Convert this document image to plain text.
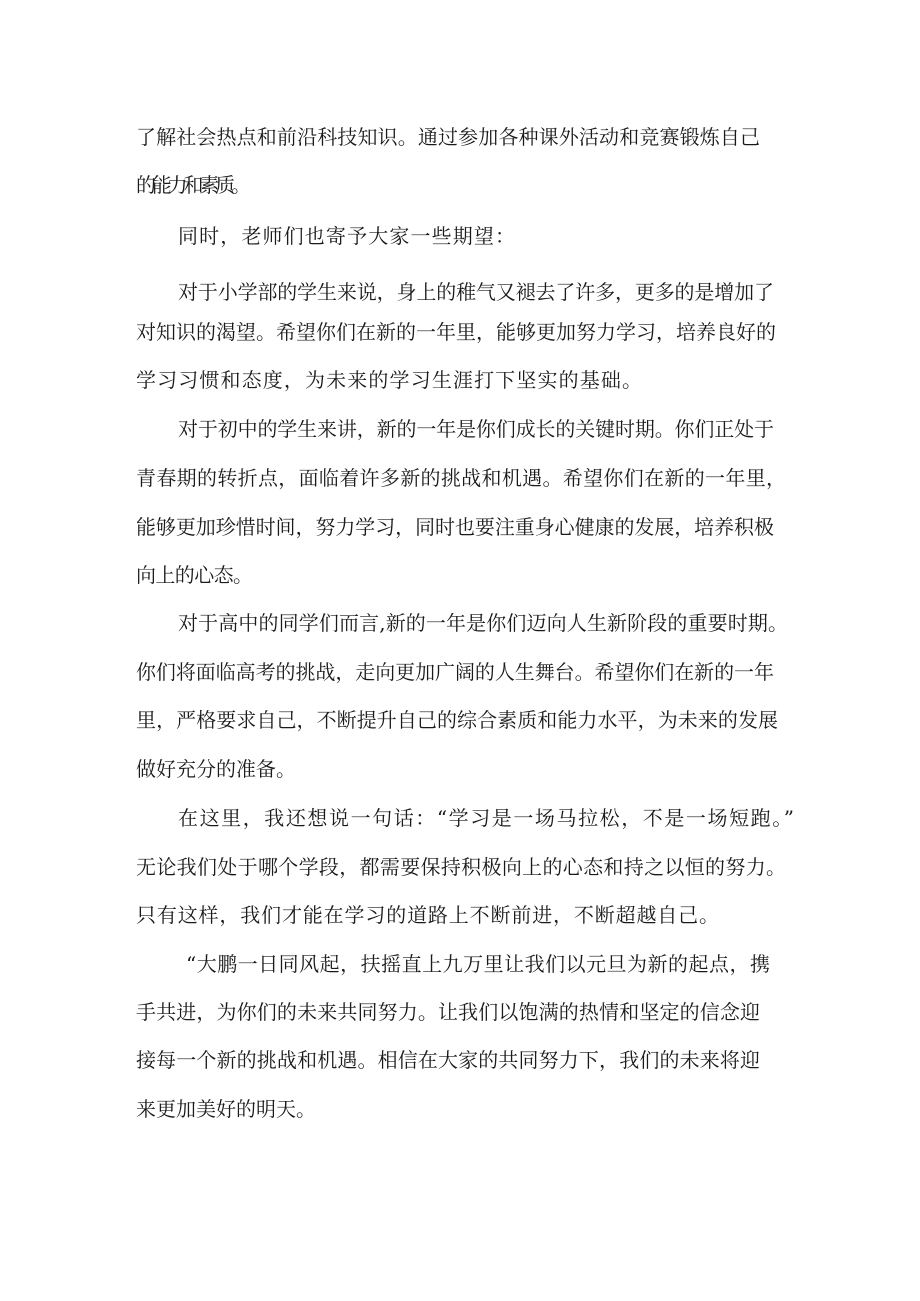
了解社会热点和前沿科技知识。通过参加各种课外活动和竞赛锻炼自己

的能力和素质。

同时，老师们也寄予大家一些期望：

对于小学部的学生来说，身上的稚气又褪去了许多，更多的是增加了

对知识的渴望。希望你们在新的一年里，能够更加努力学习，培养良好的

学习习惯和态度，为未来的学习生涯打下坚实的基础。

对于初中的学生来讲，新的一年是你们成长的关键时期。你们正处于

青春期的转折点，面临着许多新的挑战和机遇。希望你们在新的一年里，

能够更加珍惜时间，努力学习，同时也要注重身心健康的发展，培养积极

向上的心态。

对于高中的同学们而言,新的一年是你们迈向人生新阶段的重要时期。

你们将面临高考的挑战，走向更加广阔的人生舞台。希望你们在新的一年

里，严格要求自己，不断提升自己的综合素质和能力水平，为未来的发展

做好充分的准备。

在这里，我还想说一句话：“学习是一场马拉松，不是一场短跑。”

无论我们处于哪个学段，都需要保持积极向上的心态和持之以恒的努力。

只有这样，我们才能在学习的道路上不断前进，不断超越自己。

“大鹏一日同风起，扶摇直上九万里让我们以元旦为新的起点，携

手共进，为你们的未来共同努力。让我们以饱满的热情和坚定的信念迎

接每一个新的挑战和机遇。相信在大家的共同努力下，我们的未来将迎

来更加美好的明天。
